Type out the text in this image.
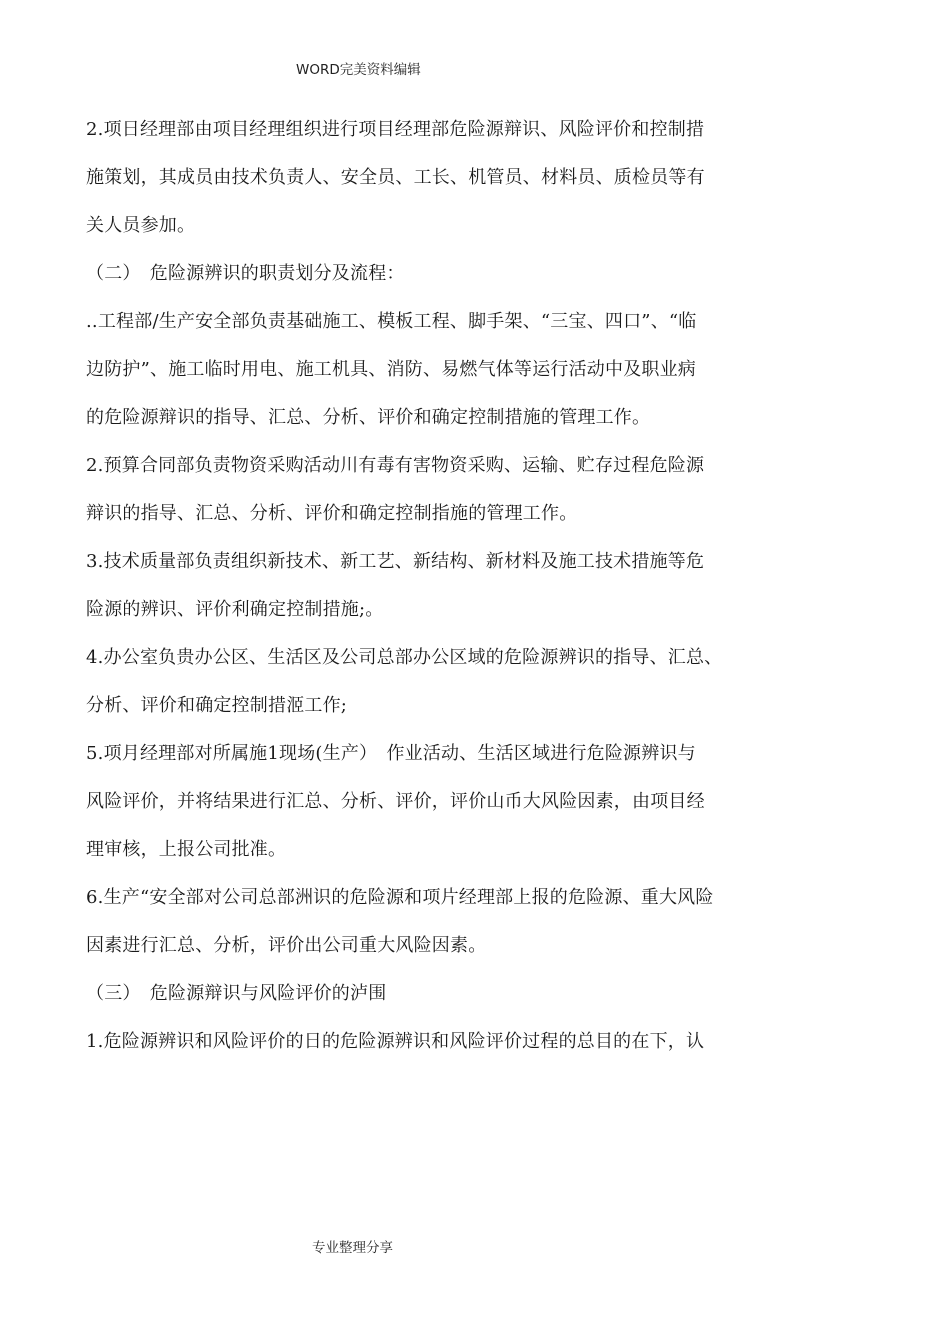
WORD完美资料编辑
2.项日经理部由项目经理组织进行项目经理部危险源辩识、风险评价和控制措
施策划，其成员由技术负责人、安全员、工长、机管员、材料员、质检员等有
关人员参加。
（二）　危险源辨识的职责划分及流程：
..工程部/生产安全部负责基础施工、模板工程、脚手架、“三宝、四口”、“临
边防护”、施工临时用电、施工机具、消防、易燃气体等运行活动中及职业病
的危险源辩识的指导、汇总、分析、评价和确定控制措施的管理工作。
2.预算合同部负责物资采购活动川有毒有害物资采购、运输、贮存过程危险源
辩识的指导、汇总、分析、评价和确定控制指施的管理工作。
3.技术质量部负责组织新技术、新工艺、新结构、新材料及施工技术措施等危
险源的辨识、评价利确定控制措施;。
4.办公室负贵办公区、生活区及公司总部办公区域的危险源辨识的指导、汇总、
分析、评价和确定控制措洍工作;
5.项月经理部对所属施1现场(生产）　作业活动、生活区域进行危险源辨识与
风险评价，并将结果进行汇总、分析、评价，评价山币大风险因素，由项目经
理审核，上报公司批准。
6.生产“安全部对公司总部洲识的危险源和项片经理部上报的危险源、重大风险
因素进行汇总、分析，评价出公司重大风险因素。
（三）　危险源辩识与风险评价的泸围
1.危险源辨识和风险评价的日的危险源辨识和风险评价过程的总目的在下，认
专业整理分享
